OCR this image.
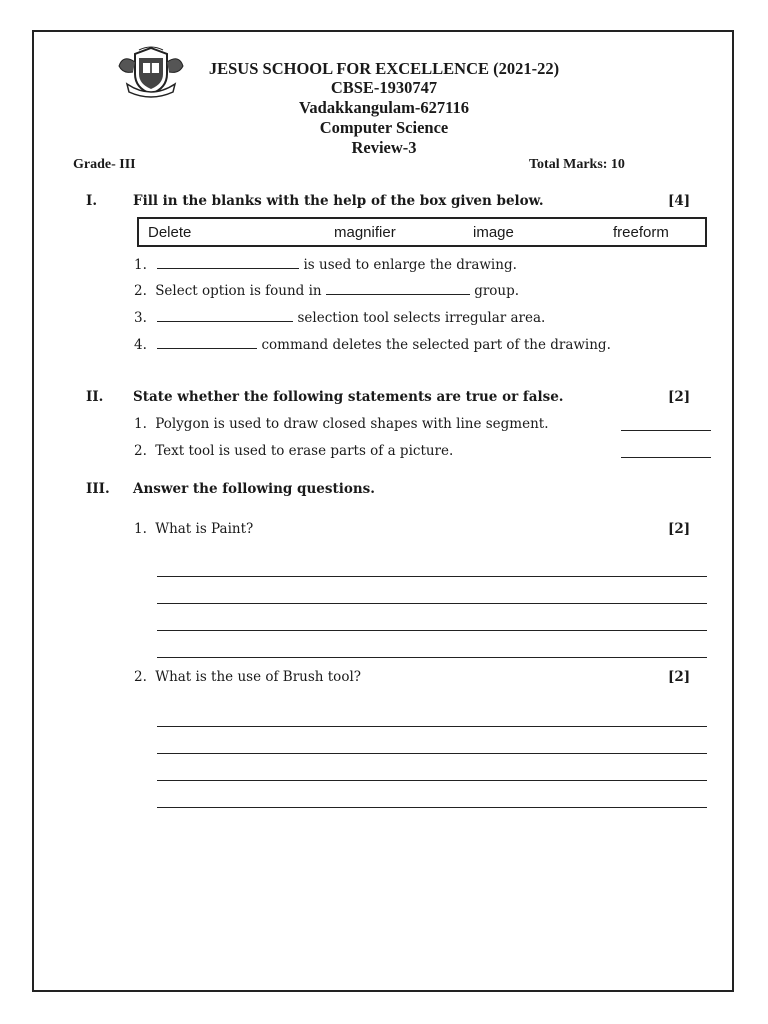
JESUS SCHOOL FOR EXCELLENCE (2021-22)
CBSE-1930747
Vadakkangulam-627116
Computer Science
Review-3
Grade- III	Total Marks: 10
I.	Fill in the blanks with the help of the box given below.	[4]
Delete	magnifier	image	freeform
1.	is used to enlarge the drawing.
2. Select option is found in	group.
3.	selection tool selects irregular area.
4.	command deletes the selected part of the drawing.
II. State whether the following statements are true or false.	[2]
1. Polygon is used to draw closed shapes with line segment.
2. Text tool is used to erase parts of a picture.
III. Answer the following questions.
1. What is Paint?	[2]
2. What is the use of Brush tool?	[2]
